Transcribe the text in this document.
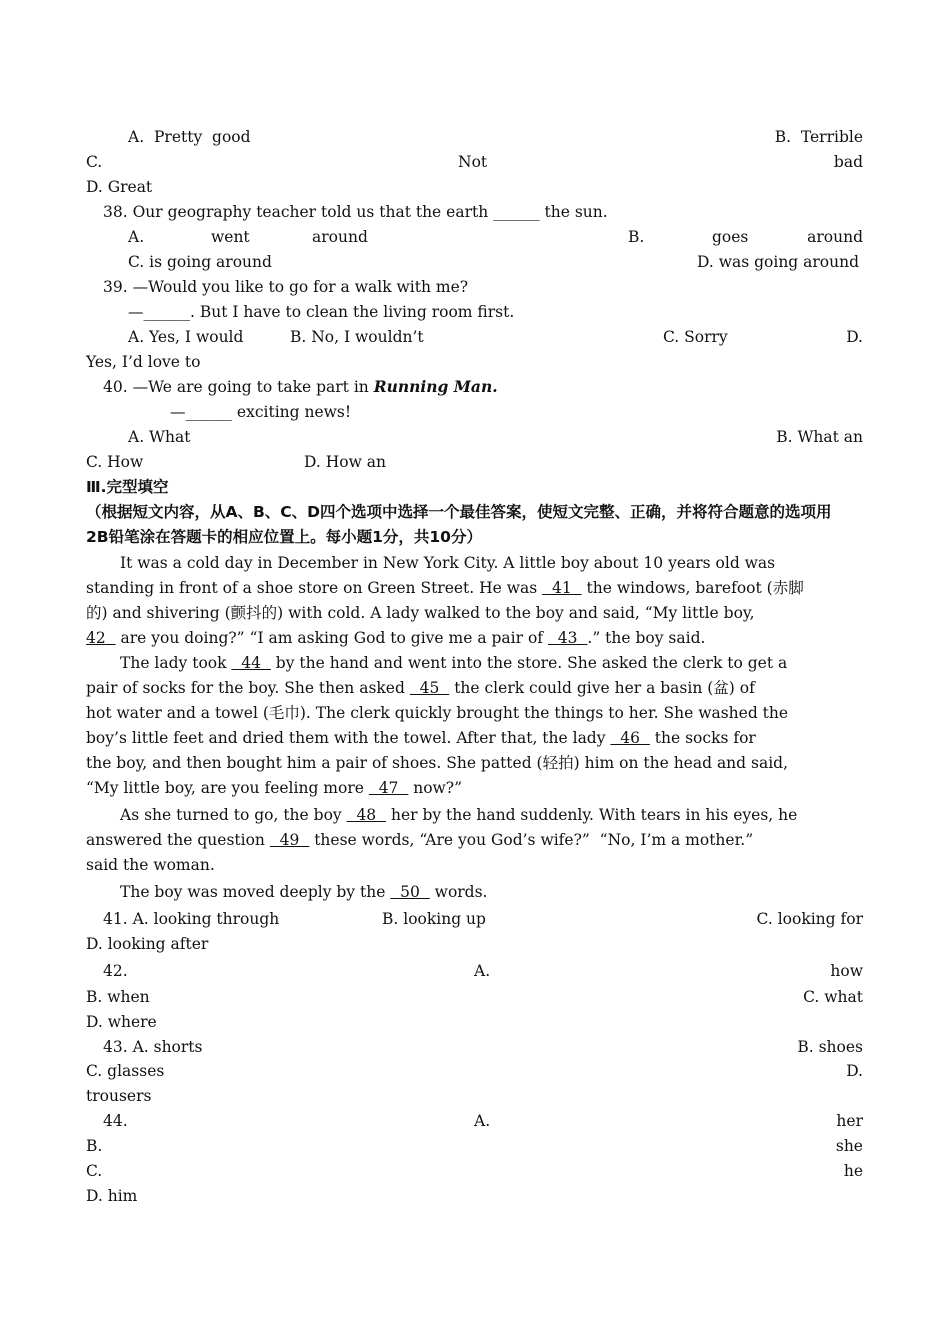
A.  Pretty  good

	B.  Terrible

C.

	Not

	bad

D. Great

38. Our geography teacher told us that the earth ______ the sun.

A.

	went

	around

	B.

	goes

	around

C. is going around

	D. was going around

39. —Would you like to go for a walk with me?

—______. But I have to clean the living room first.

A. Yes, I would

	B. No, I wouldn’t

	C. Sorry

	D.

Yes, I’d love to

40. —We are going to take part in Running Man.

—______ exciting news!

A. What

	B. What an

C. How

	D. How an

Ⅲ.完型填空

（根据短文内容，从A、B、C、D四个选项中选择一个最佳答案，使短文完整、正确，并将符合题意的选项用

2B铅笔涂在答题卡的相应位置上。每小题1分，共10分）

It was a cold day in December in New York City. A little boy about 10 years old was

standing in front of a shoe store on Green Street. He was   41   the windows, barefoot (赤脚

的) and shivering (颤抖的) with cold. A lady walked to the boy and said, “My little boy,

42   are you doing?” “I am asking God to give me a pair of   43  .” the boy said.

The lady took   44   by the hand and went into the store. She asked the clerk to get a

pair of socks for the boy. She then asked   45   the clerk could give her a basin (盆) of

hot water and a towel (毛巾). The clerk quickly brought the things to her. She washed the

boy’s little feet and dried them with the towel. After that, the lady   46   the socks for

the boy, and then bought him a pair of shoes. She patted (轻拍) him on the head and said,

“My little boy, are you feeling more   47   now?”

As she turned to go, the boy   48   her by the hand suddenly. With tears in his eyes, he

answered the question   49   these words, “Are you God’s wife?”  “No, I’m a mother.”

said the woman.

The boy was moved deeply by the   50   words.

41. A. looking through

	B. looking up

	C. looking for

D. looking after

42.

	A.

	how

B. when

	C. what

D. where

43. A. shorts

	B. shoes

C. glasses

	D.

trousers

44.

	A.

	her

B.

	she

C.

	he

D. him
